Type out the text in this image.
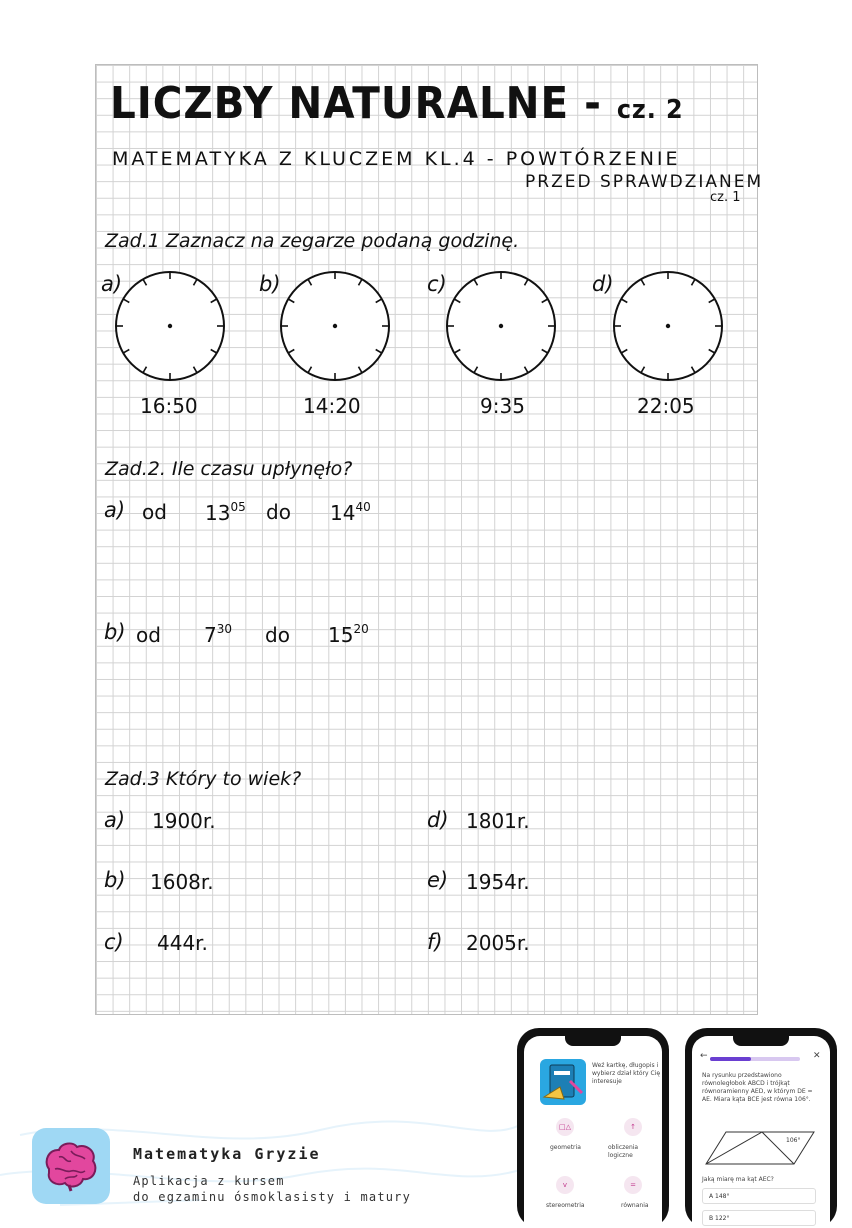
LICZBY NATURALNE - cz. 2
MATEMATYKA Z KLUCZEM KL.4 - POWTÓRZENIE
PRZED SPRAWDZIANEM
cz. 1
Zad.1 Zaznacz na zegarze podaną godzinę.
a)	b)	c)	d)
16:50	14:20	9:35	22:05
Zad.2. Ile czasu upłynęło?
a) od $13^{05}$ do $14^{40}$
b) od $7^{30}$ do $15^{20}$
Zad.3 Który to wiek?
a) 1900r.
b) 1608r.
c) 444r.
d) 1801r.
e) 1954r.
f) 2005r.
Matematyka Gryzie
Aplikacja z kursem
do egzaminu ósmoklasisty i matury
Weź kartkę, długopis i wybierz dział który Cię interesuje
□△	↑
geometria	obliczenia logiczne
v	=
stereometria	równania
←	✕
Na rysunku przedstawiono równoległobok ABCD i trójkąt równoramienny AED, w którym DE = AE. Miara kąta BCE jest równa 106°.
106°
Jaką miarę ma kąt AEC?
A 148°
B 122°
